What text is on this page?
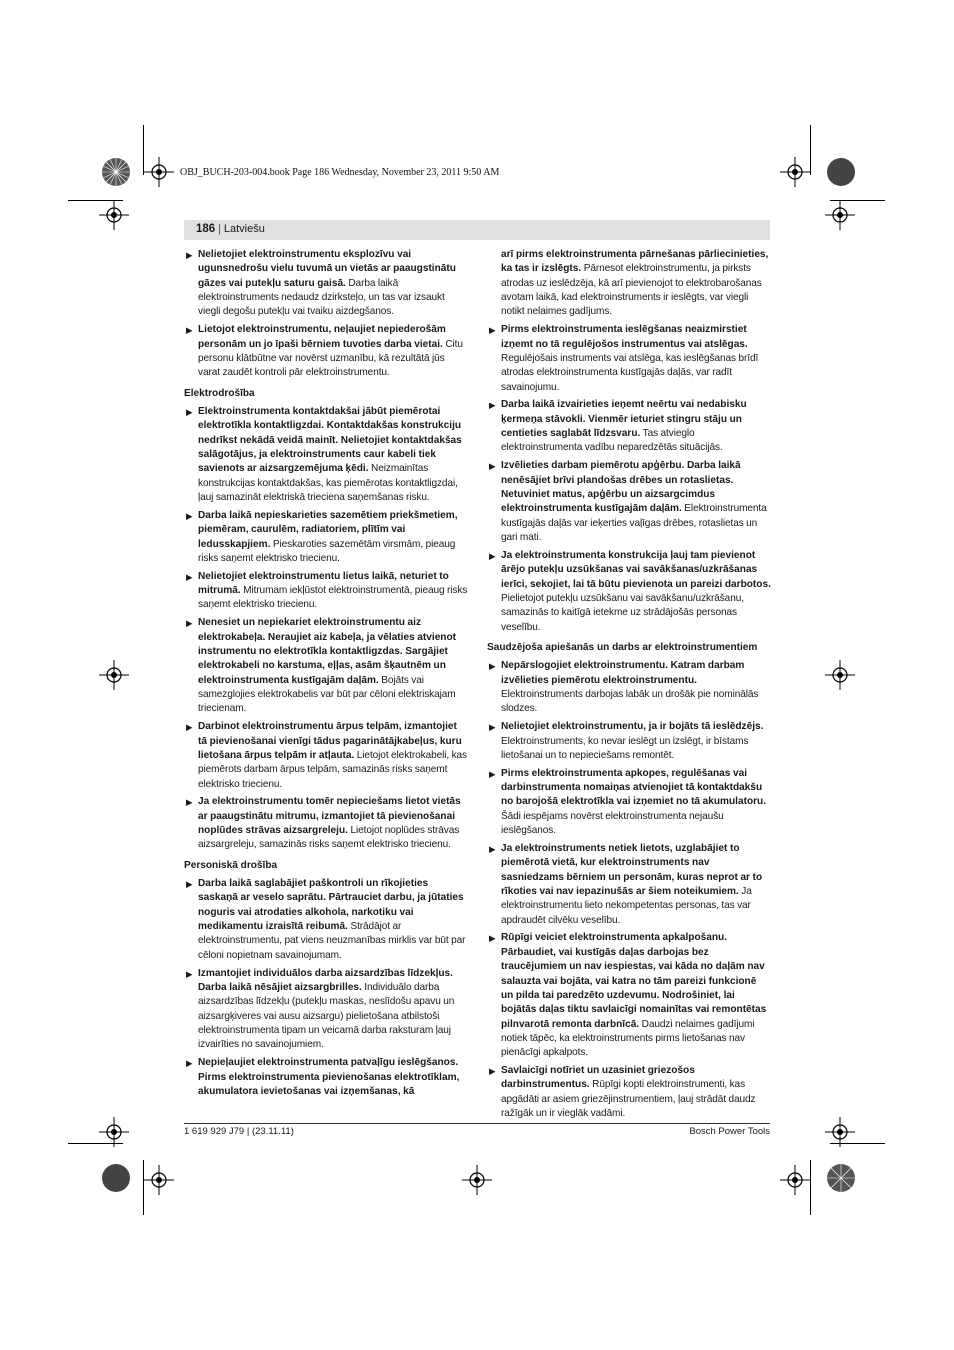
OBJ_BUCH-203-004.book Page 186 Wednesday, November 23, 2011 9:50 AM
186
| Latviešu
▶ Nelietojiet elektroinstrumentu eksplozīvu vai ugunsnedrošu vielu tuvumā un vietās ar paaugstinātu gāzes vai putekļu saturu gaisā. Darba laikā elektroinstruments nedaudz dzirksteļo, un tas var izsaukt viegli degošu putekļu vai tvaiku aizdegšanos.
▶ Lietojot elektroinstrumentu, neļaujiet nepiederošām personām un jo īpaši bērniem tuvoties darba vietai. Citu personu klātbūtne var novērst uzmanību, kā rezultātā jūs varat zaudēt kontroli pār elektroinstrumentu.
Elektrodrošība
▶ Elektroinstrumenta kontaktdakšai jābūt piemērotai elektrotīkla kontaktligzdai. Kontaktdakšas konstrukciju nedrīkst nekādā veidā mainīt. Nelietojiet kontaktdakšas salāgotājus, ja elektroinstruments caur kabeli tiek savienots ar aizsargzemējuma ķēdi. Neizmainītas konstrukcijas kontaktdakšas, kas piemērotas kontaktligzdai, ļauj samazināt elektriskā trieciena saņemšanas risku.
▶ Darba laikā nepieskarieties sazemētiem priekšmetiem, piemēram, caurulēm, radiatoriem, plītīm vai ledusskapjiem. Pieskaroties sazemētām virsmām, pieaug risks saņemt elektrisko triecienu.
▶ Nelietojiet elektroinstrumentu lietus laikā, neturiet to mitrumā. Mitrumam iekļūstot elektroinstrumentā, pieaug risks saņemt elektrisko triecienu.
▶ Nenesiet un nepiekariet elektroinstrumentu aiz elektrokabeļa. Neraujiet aiz kabeļa, ja vēlaties atvienot instrumentu no elektrotīkla kontaktligzdas. Sargājiet elektrokabeli no karstuma, eļļas, asām šķautnēm un elektroinstrumenta kustīgajām daļām. Bojāts vai samezglojies elektrokabelis var būt par cēloni elektriskajam triecienam.
▶ Darbinot elektroinstrumentu ārpus telpām, izmantojiet tā pievienošanai vienīgi tādus pagarinātājkabeļus, kuru lietošana ārpus telpām ir atļauta. Lietojot elektrokabeli, kas piemērots darbam ārpus telpām, samazinās risks saņemt elektrisko triecienu.
▶ Ja elektroinstrumentu tomēr nepieciešams lietot vietās ar paaugstinātu mitrumu, izmantojiet tā pievienošanai noplūdes strāvas aizsargreleju. Lietojot noplūdes strāvas aizsargreleju, samazinās risks saņemt elektrisko triecienu.
Personiskā drošība
▶ Darba laikā saglabājiet paškontroli un rīkojieties saskaņā ar veselo saprātu. Pārtrauciet darbu, ja jūtaties noguris vai atrodaties alkohola, narkotiku vai medikamentu izraisītā reibumā. Strādājot ar elektroinstrumentu, pat viens neuzmanības mirklis var būt par cēloni nopietnam savainojumam.
▶ Izmantojiet individuālos darba aizsardzības līdzekļus. Darba laikā nēsājiet aizsargbrilles. Individuālo darba aizsardzības līdzekļu (putekļu maskas, neslīdošu apavu un aizsargķiveres vai ausu aizsargu) pielietošana atbilstoši elektroinstrumenta tipam un veicamā darba raksturam ļauj izvairīties no savainojumiem.
▶ Nepieļaujiet elektroinstrumenta patvaļīgu ieslēgšanos. Pirms elektroinstrumenta pievienošanas elektrotīklam, akumulatora ievietošanas vai izņemšanas, kā
arī pirms elektroinstrumenta pārnešanas pārliecinieties, ka tas ir izslēgts. Pārnesot elektroinstrumentu, ja pirksts atrodas uz ieslēdzēja, kā arī pievienojot to elektrobarošanas avotam laikā, kad elektroinstruments ir ieslēgts, var viegli notikt nelaimes gadījums.
▶ Pirms elektroinstrumenta ieslēgšanas neaizmirstiet izņemt no tā regulējošos instrumentus vai atslēgas. Regulējošais instruments vai atslēga, kas ieslēgšanas brīdī atrodas elektroinstrumenta kustīgajās daļās, var radīt savainojumu.
▶ Darba laikā izvairieties ieņemt neērtu vai nedabisku ķermeņa stāvokli. Vienmēr ieturiet stingru stāju un centieties saglabāt līdzsvaru. Tas atvieglo elektroinstrumenta vadību neparedzētās situācijās.
▶ Izvēlieties darbam piemērotu apģērbu. Darba laikā nenēsājiet brīvi plandošas drēbes un rotaslietas. Netuviniet matus, apģērbu un aizsargcimdus elektroinstrumenta kustīgajām daļām. Elektroinstrumenta kustīgajās daļās var ieķerties vaļīgas drēbes, rotaslietas un gari mati.
▶ Ja elektroinstrumenta konstrukcija ļauj tam pievienot ārējo putekļu uzsūkšanas vai savākšanas/uzkrāšanas ierīci, sekojiet, lai tā būtu pievienota un pareizi darbotos. Pielietojot putekļu uzsūkšanu vai savākšanu/uzkrāšanu, samazinās to kaitīgā ietekme uz strādājošās personas veselību.
Saudzējoša apiešanās un darbs ar elektroinstrumentiem
▶ Nepārslogojiet elektroinstrumentu. Katram darbam izvēlieties piemērotu elektroinstrumentu. Elektroinstruments darbojas labāk un drošāk pie nominālās slodzes.
▶ Nelietojiet elektroinstrumentu, ja ir bojāts tā ieslēdzējs. Elektroinstruments, ko nevar ieslēgt un izslēgt, ir bīstams lietošanai un to nepieciešams remontēt.
▶ Pirms elektroinstrumenta apkopes, regulēšanas vai darbinstrumenta nomaiņas atvienojiet tā kontaktdakšu no barojošā elektrotīkla vai izņemiet no tā akumulatoru. Šādi iespējams novērst elektroinstrumenta nejaušu ieslēgšanos.
▶ Ja elektroinstruments netiek lietots, uzglabājiet to piemērotā vietā, kur elektroinstruments nav sasniedzams bērniem un personām, kuras neprot ar to rīkoties vai nav iepazinušās ar šiem noteikumiem. Ja elektroinstrumentu lieto nekompetentas personas, tas var apdraudēt cilvēku veselību.
▶ Rūpīgi veiciet elektroinstrumenta apkalpošanu. Pārbaudiet, vai kustīgās daļas darbojas bez traucējumiem un nav iespiestas, vai kāda no daļām nav salauzta vai bojāta, vai katra no tām pareizi funkcionē un pilda tai paredzēto uzdevumu. Nodrošiniet, lai bojātās daļas tiktu savlaicīgi nomainītas vai remontētas pilnvarotā remonta darbnīcā. Daudzi nelaimes gadījumi notiek tāpēc, ka elektroinstruments pirms lietošanas nav pienācīgi apkalpots.
▶ Savlaicīgi notīriet un uzasiniet griezošos darbinstrumentus. Rūpīgi kopti elektroinstrumenti, kas apgādāti ar asiem griezējinstrumentiem, ļauj strādāt daudz ražīgāk un ir vieglāk vadāmi.
1 619 929 J79 | (23.11.11)	Bosch Power Tools
